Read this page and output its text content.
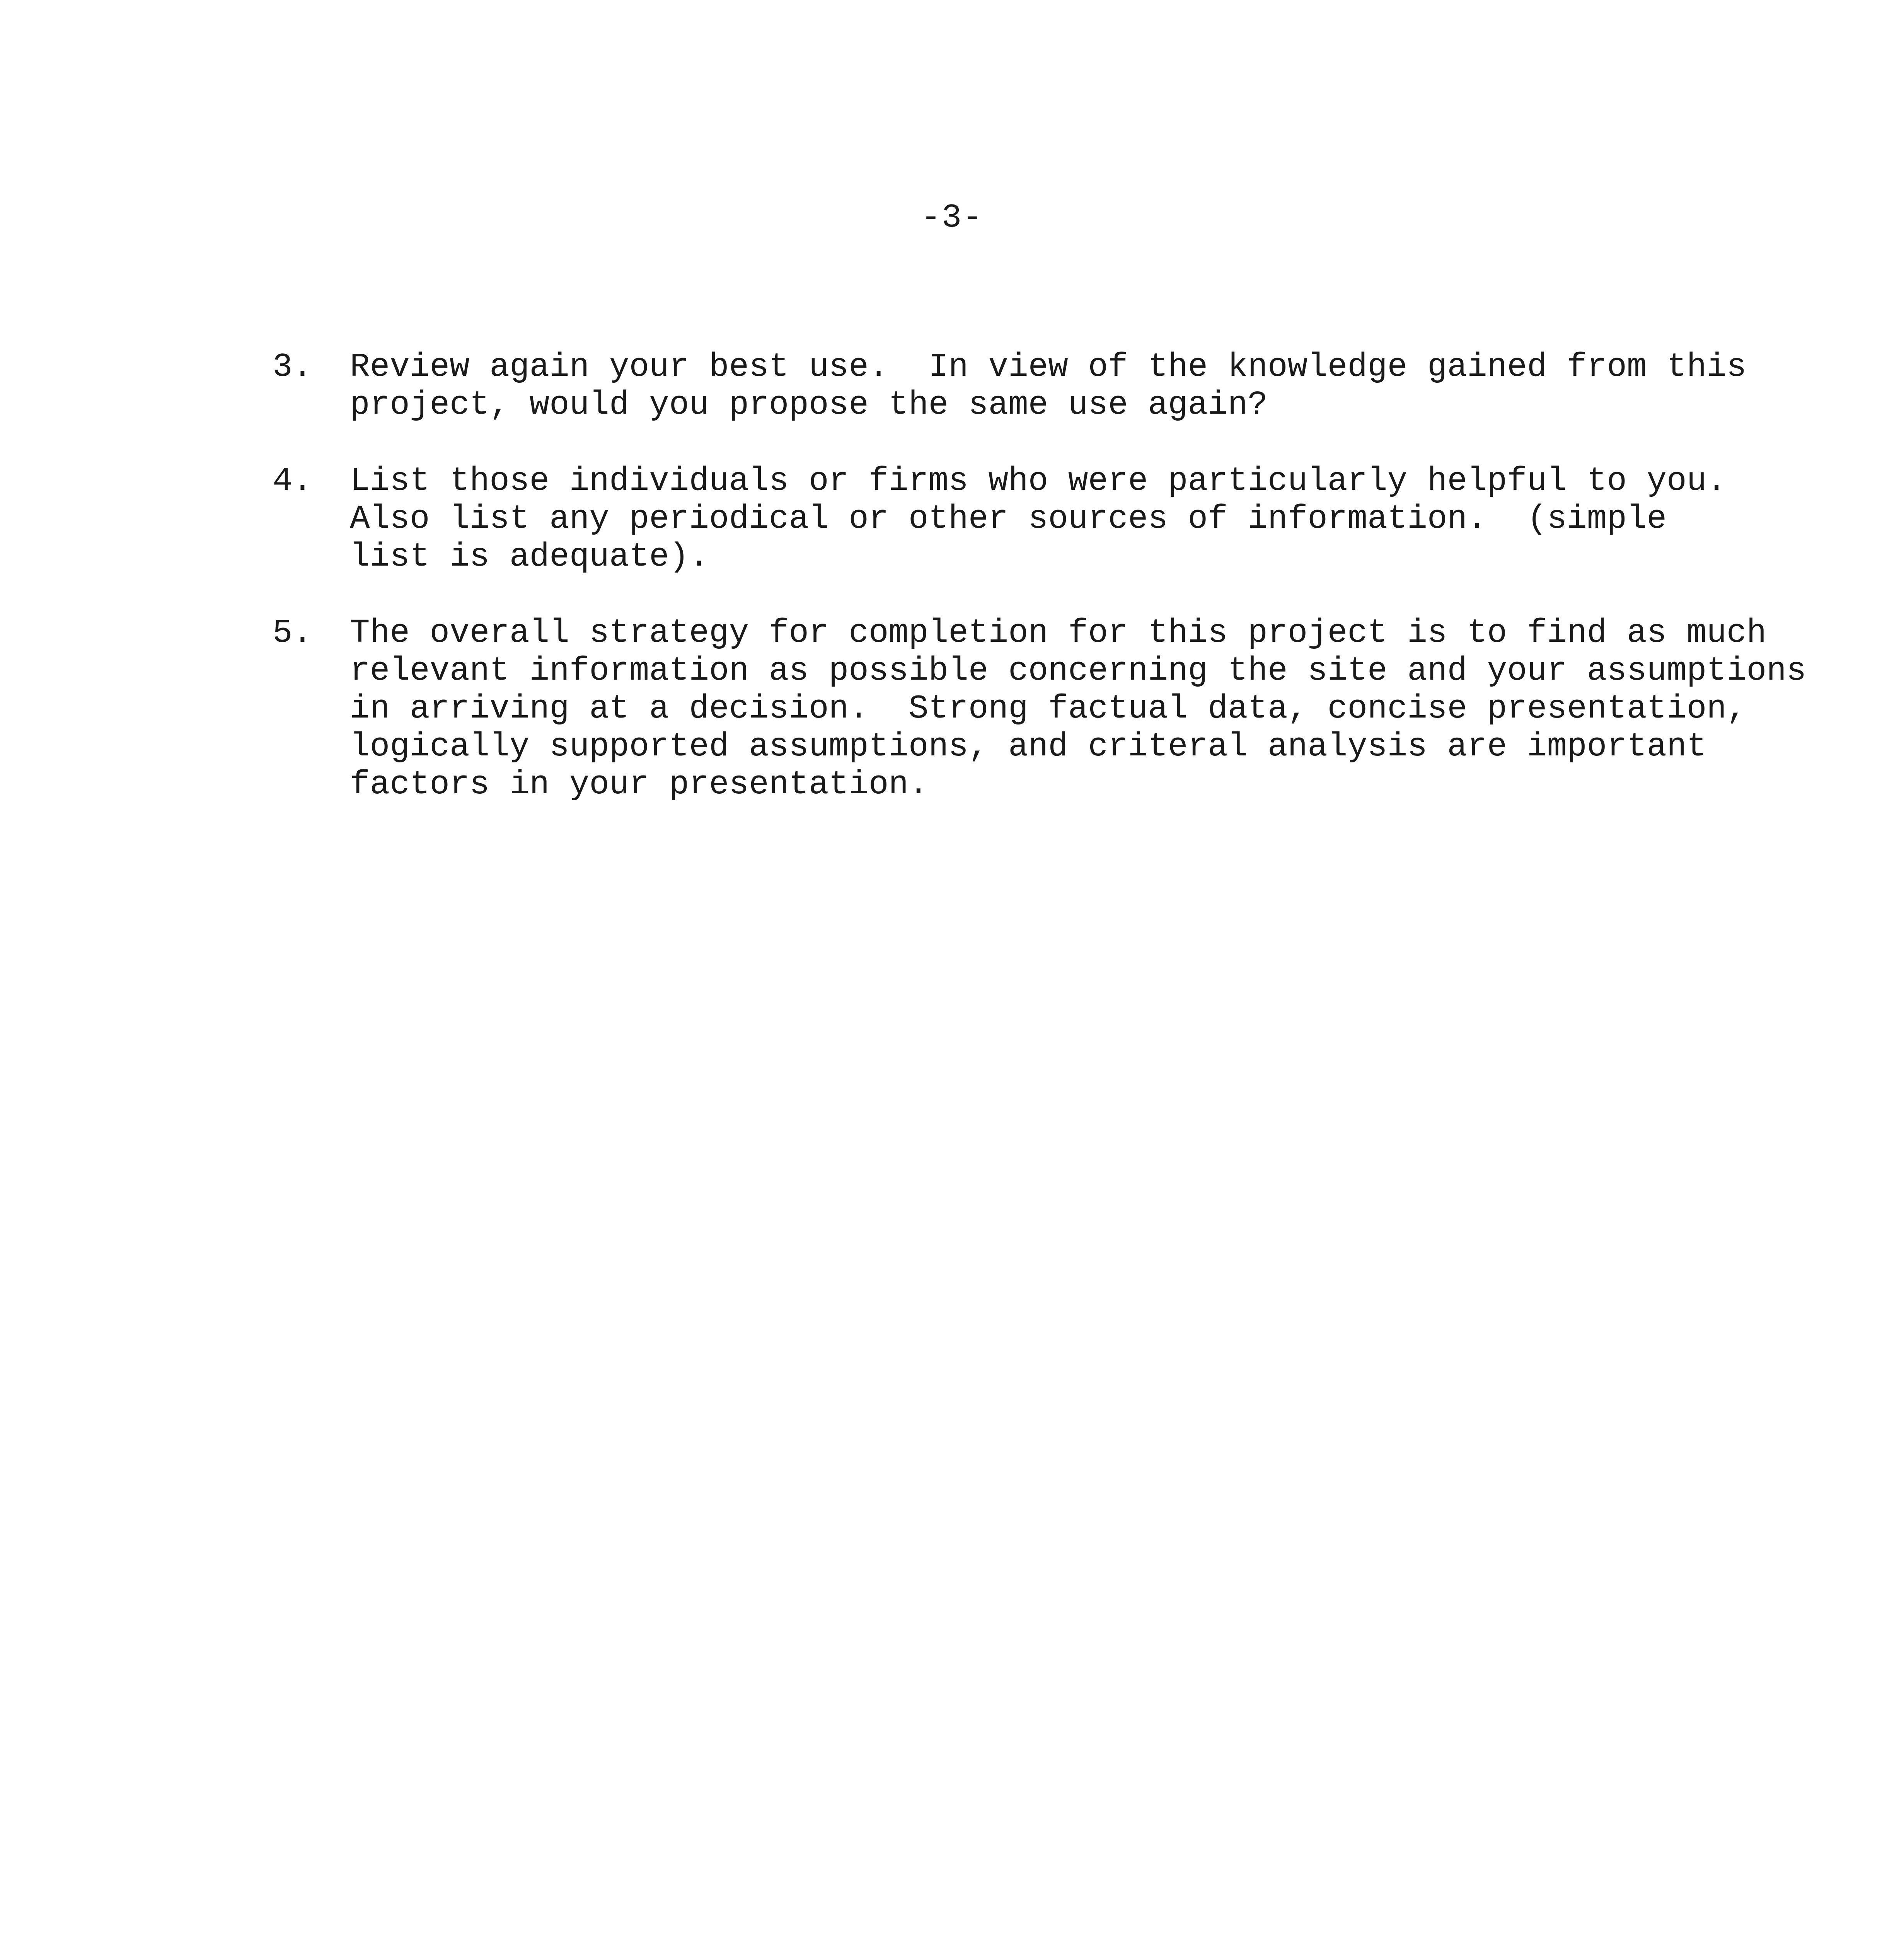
-3-
3.	Review again your best use.  In view of the knowledge gained from this
project, would you propose the same use again?
4.	List those individuals or firms who were particularly helpful to you.
Also list any periodical or other sources of information.  (simple
list is adequate).
5.	The overall strategy for completion for this project is to find as much
relevant information as possible concerning the site and your assumptions
in arriving at a decision.  Strong factual data, concise presentation,
logically supported assumptions, and criteral analysis are important
factors in your presentation.
